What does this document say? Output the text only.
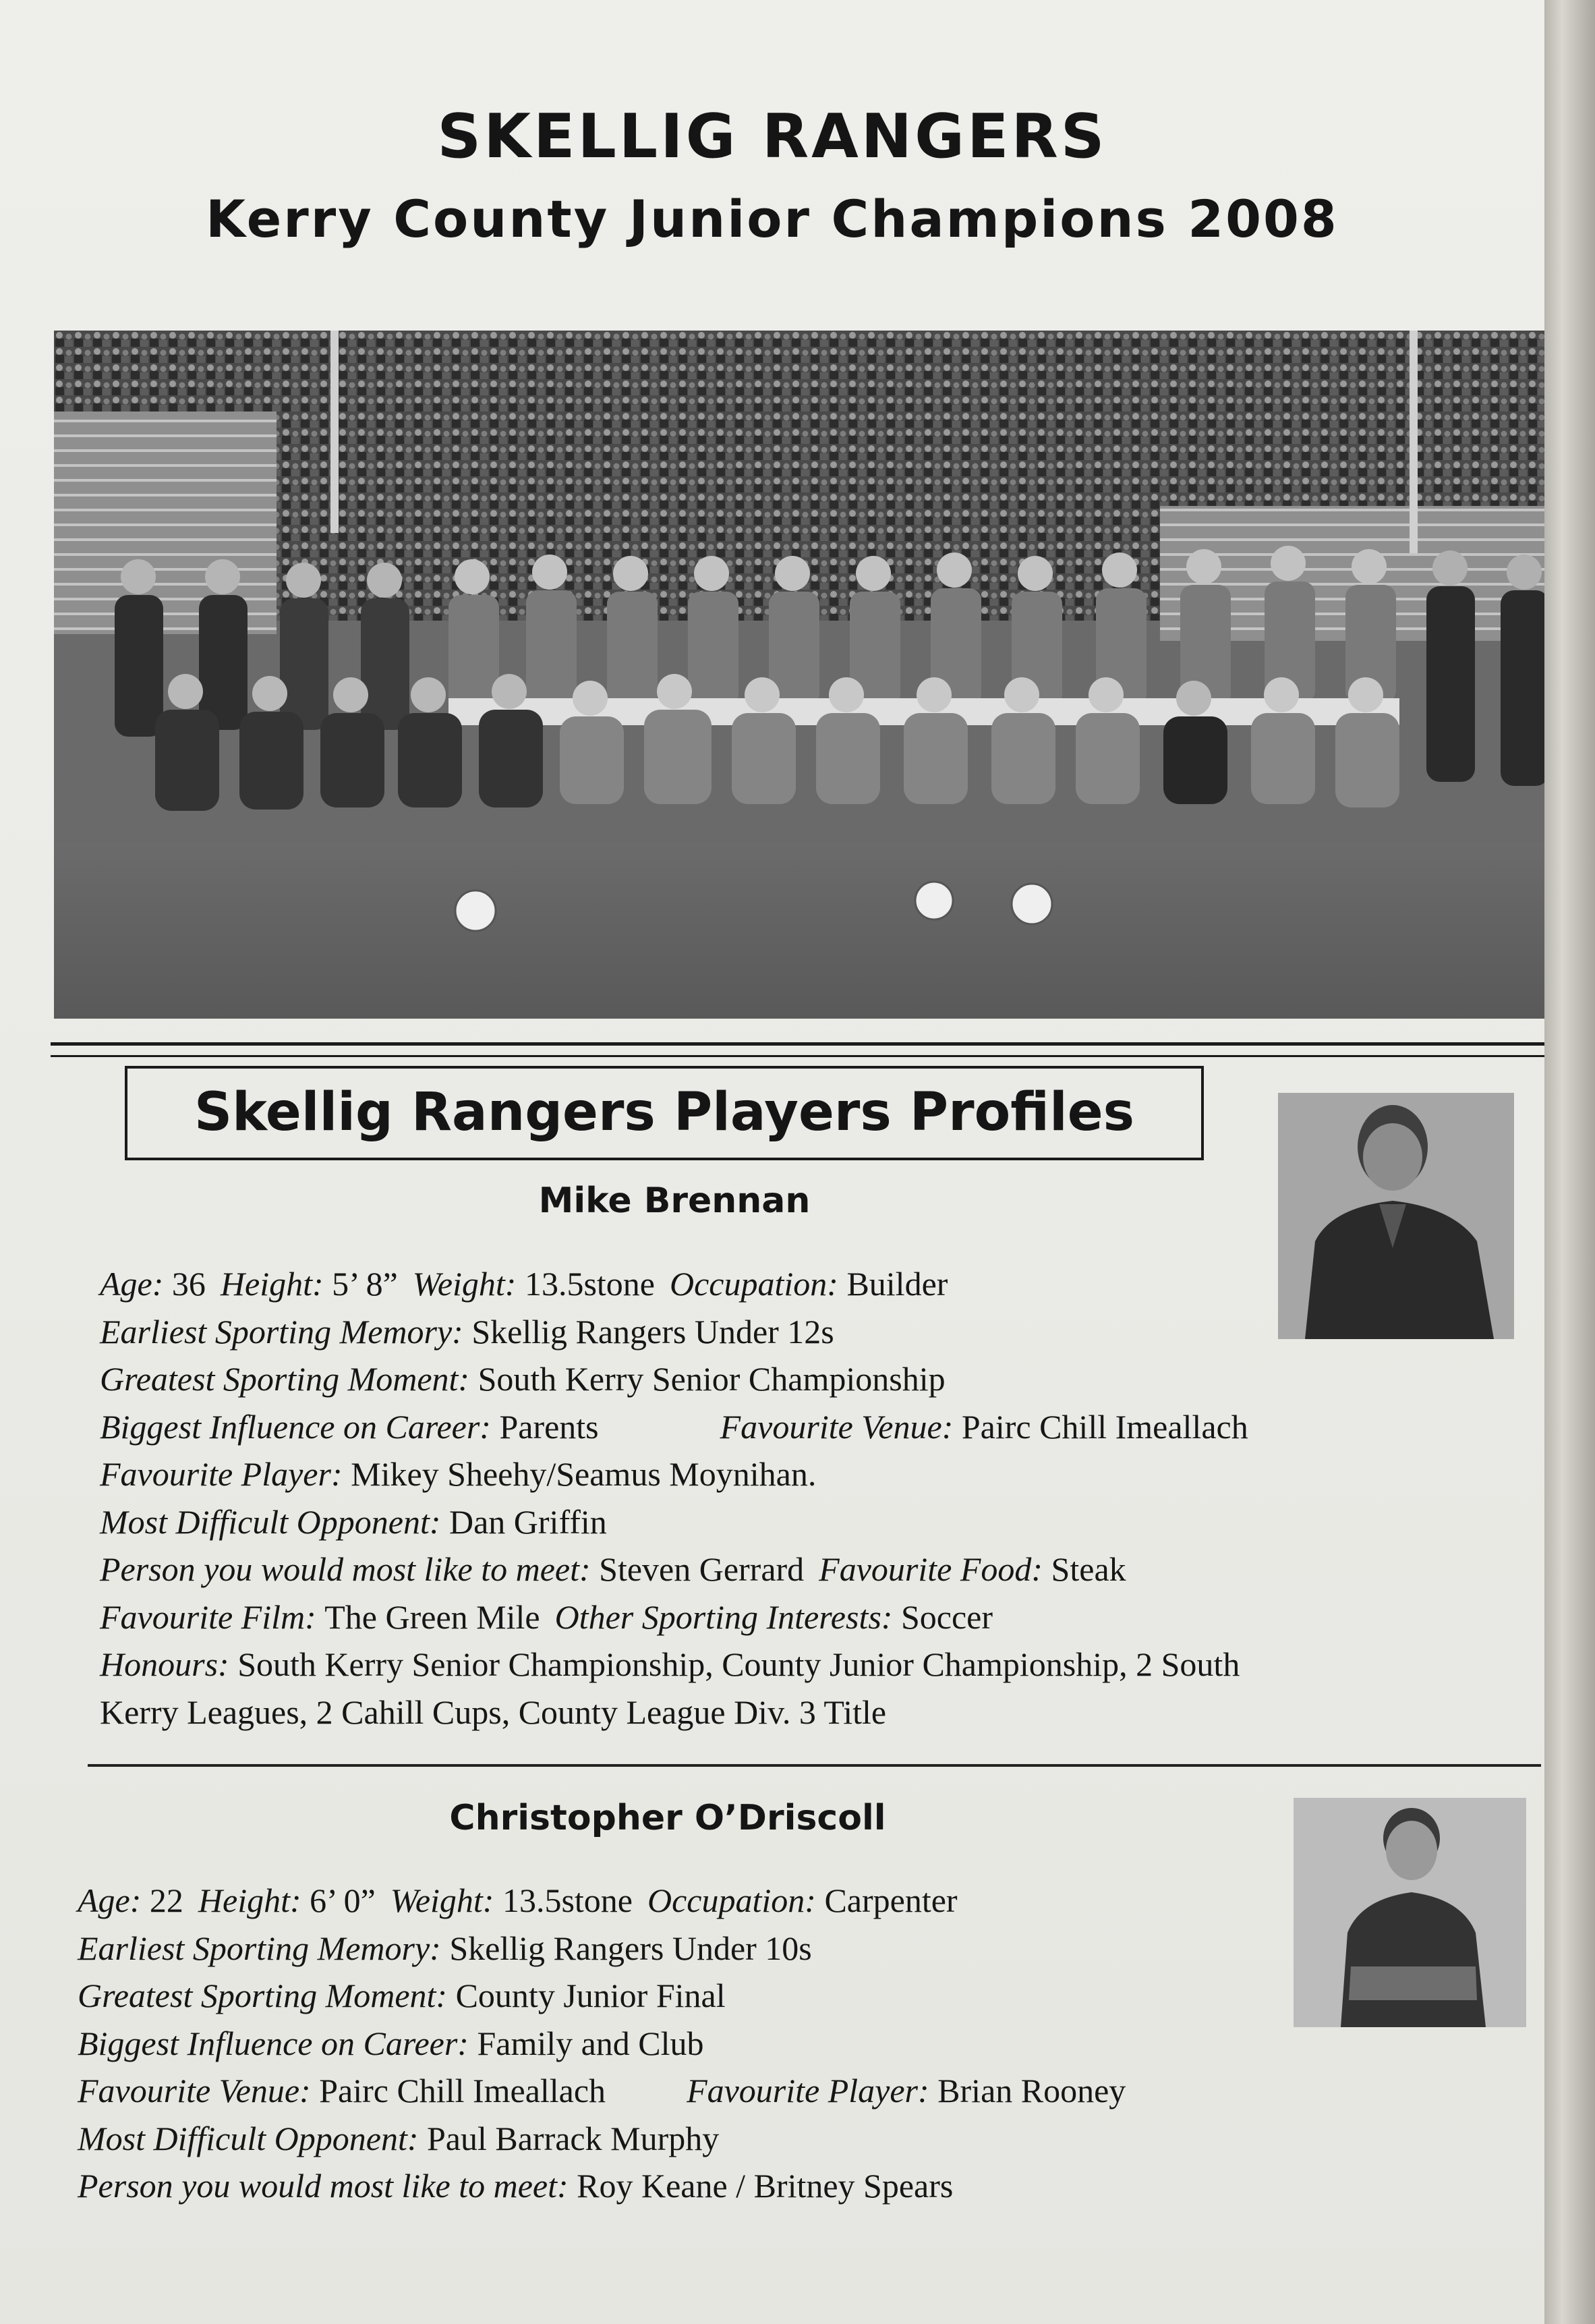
SKELLIG RANGERS
Kerry County Junior Champions 2008
Skellig Rangers Players Profiles
Mike Brennan
Age: 36 Height: 5’ 8” Weight: 13.5stone Occupation: Builder
Earliest Sporting Memory: Skellig Rangers Under 12s
Greatest Sporting Moment: South Kerry Senior Championship
Biggest Influence on Career: Parents	Favourite Venue: Pairc Chill Imeallach
Favourite Player: Mikey Sheehy/Seamus Moynihan.
Most Difficult Opponent: Dan Griffin
Person you would most like to meet: Steven Gerrard Favourite Food: Steak
Favourite Film: The Green Mile Other Sporting Interests: Soccer
Honours: South Kerry Senior Championship, County Junior Championship, 2 South
Kerry Leagues, 2 Cahill Cups, County League Div. 3 Title
Christopher O’Driscoll
Age: 22 Height: 6’ 0” Weight: 13.5stone Occupation: Carpenter
Earliest Sporting Memory: Skellig Rangers Under 10s
Greatest Sporting Moment: County Junior Final
Biggest Influence on Career: Family and Club
Favourite Venue: Pairc Chill Imeallach Favourite Player: Brian Rooney
Most Difficult Opponent: Paul Barrack Murphy
Person you would most like to meet: Roy Keane / Britney Spears
